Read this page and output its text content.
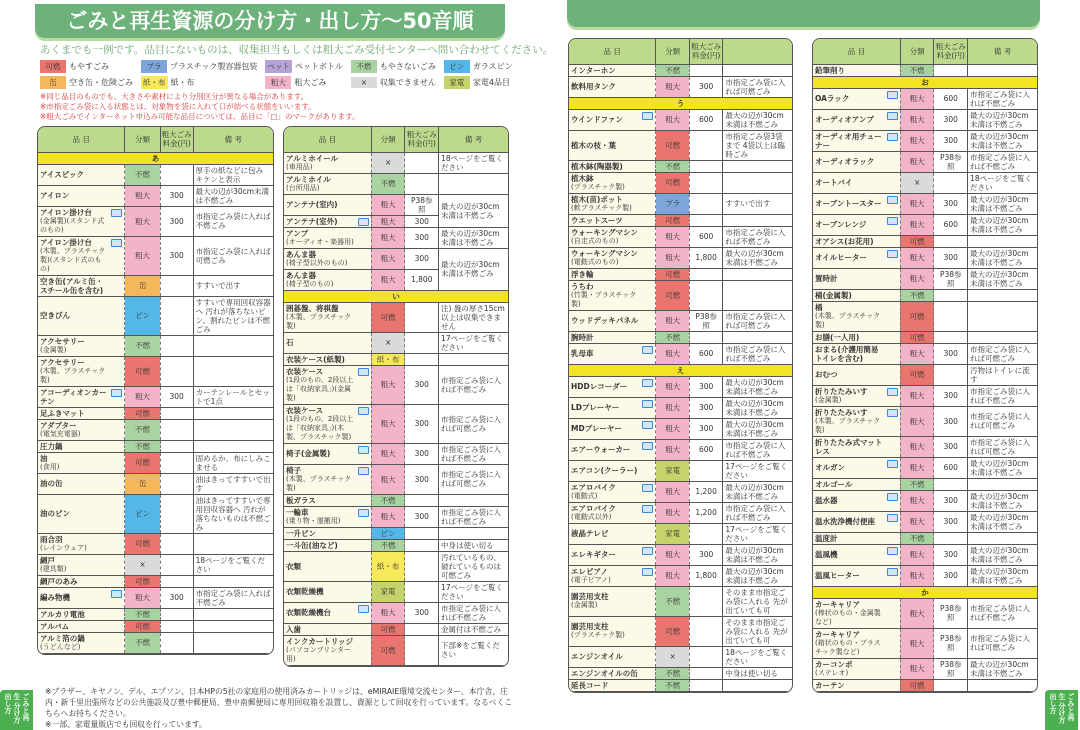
ごみと再生資源の分け方・出し方～50音順
あくまでも一例です。品目にないものは、収集担当もしくは粗大ごみ受付センターへ問い合わせてください。
可燃	もやすごみ	プラ	プラスチック製容器包装 ペット ペットボトル	不燃	もやさないごみ	ピン	ガラスビン
缶	空き缶・危険ごみ 紙・布 紙・布	粗大	粗大ごみ	×	収集できません	家電	家電4品目
※同じ品目のものでも、大きさや素材により分別区分が異なる場合があります。
※市指定ごみ袋に入る状態とは、対象物を袋に入れて口が結べる状態をいいます。
※粗大ごみでインターネット申込み可能な品目については、品目に「□」のマークがあります。
品 目	分類	粗大ごみ料金(円)	備 考
あ			
アイスピック	不燃		厚手の紙などに包み キケンと表示
アイロン	粗大	300	最大の辺が30cm未満は不燃ごみ
アイロン掛け台
(金属製)(スタンド式のもの)	粗大	300	市指定ごみ袋に入れば不燃ごみ
アイロン掛け台
(木製、プラスチック製)(スタンド式のもの)	粗大	300	市指定ごみ袋に入れば可燃ごみ
空き缶(アルミ缶・スチール缶を含む)	缶		すすいで出す
空きびん	ピン		すすいで専用回収容器へ 汚れが落ちないビン、割れたビンは不燃ごみ
アクセサリー
(金属製)	不燃		
アクセサリー
(木製、プラスチック製)	可燃		
アコーディオンカーテン	粗大	300	カーテンレールとセットで1点
足ふきマット	可燃		
アダプター
(電気充電器)	不燃		
圧力鍋	不燃		
油
(食用)	可燃		固めるか、布にしみこませる
油の缶	缶		油はきってすすいで出す
油のビン	ピン		油はきってすすいで専用回収容器へ 汚れが落ちないものは不燃ごみ
雨合羽
(レインウェア)	可燃		
網戸
(建具類)	×		18ページをご覧ください
網戸のあみ	可燃		
編み物機	粗大	300	市指定ごみ袋に入れば不燃ごみ
アルカリ電池	不燃		
アルバム	可燃		
アルミ箔の鍋
(うどんなど)	不燃		
品 目	分類	粗大ごみ料金(円)	備 考
アルミホイール
(車用品)	×		18ページをご覧ください
アルミホイル
(台所用品)	不燃		
アンテナ(室内)	粗大	P38参照	最大の辺が30cm未満は不燃ごみ
アンテナ(室外)	粗大	300	
アンプ
(オーディオ・楽器用)	粗大	300	最大の辺が30cm未満は不燃ごみ
あんま器
(椅子型以外のもの)	粗大	300	最大の辺が30cm未満は不燃ごみ
あんま器
(椅子型のもの)	粗大	1,800	
い			
囲碁盤、将棋盤
(木製、プラスチック製)	可燃		注) 盤の厚さ15cm以上は収集できません
石	×		17ページをご覧ください
衣装ケース(紙製)	紙・布		
衣装ケース
(1段のもの、2段以上は「収納家具」)(金属製)	粗大	300	市指定ごみ袋に入れば不燃ごみ
衣装ケース
(1段のもの、2段以上は「収納家具」)(木製、プラスチック製)	粗大	300	市指定ごみ袋に入れば可燃ごみ
椅子(金属製)	粗大	300	市指定ごみ袋に入れば不燃ごみ
椅子
(木製、プラスチック製)	粗大	300	市指定ごみ袋に入れば可燃ごみ
板ガラス	不燃		
一輪車
(乗り物・運搬用)	粗大	300	市指定ごみ袋に入れば不燃ごみ
一升ビン	ピン		
一斗缶(油など)	不燃		中身は使い切る
衣類	紙・布		汚れているもの、破れているものは可燃ごみ
衣類乾燥機	家電		17ページをご覧ください
衣類乾燥機台	粗大	300	市指定ごみ袋に入れば不燃ごみ
入歯	可燃		金属付は不燃ごみ
インクカートリッジ
(パソコンプリンター用)	可燃		下部※をご覧ください
品 目	分類	粗大ごみ料金(円)	
インターホン	不燃		
飲料用タンク	粗大	300	市指定ごみ袋に入れば可燃ごみ
う			
ウインドファン	粗大	600	最大の辺が30cm未満は不燃ごみ
植木の枝・葉	可燃		市指定ごみ袋3袋まで 4袋以上は臨時ごみ
植木鉢(陶器製)	不燃		
植木鉢
(プラスチック製)	可燃		
植木(苗)ポット
(軟プラスチック製)	プラ		すすいで出す
ウエットスーツ	可燃		
ウォーキングマシン
(自走式のもの)	粗大	600	市指定ごみ袋に入れば不燃ごみ
ウォーキングマシン
(電動式のもの)	粗大	1,800	最大の辺が30cm未満は不燃ごみ
浮き輪	可燃		
うちわ
(竹製・プラスチック製)	可燃		
ウッドデッキパネル	粗大	P38参照	市指定ごみ袋に入れば可燃ごみ
腕時計	不燃		
乳母車	粗大	600	市指定ごみ袋に入れば不燃ごみ
え			
HDDレコーダー	粗大	300	最大の辺が30cm未満は不燃ごみ
LDプレーヤー	粗大	300	最大の辺が30cm未満は不燃ごみ
MDプレーヤー	粗大	300	最大の辺が30cm未満は不燃ごみ
エアーウォーカー	粗大	600	市指定ごみ袋に入れば不燃ごみ
エアコン(クーラー)	家電		17ページをご覧ください
エアロバイク
(電動式)	粗大	1,200	最大の辺が30cm未満は不燃ごみ
エアロバイク
(電動式以外)	粗大	1,200	市指定ごみ袋に入れば不燃ごみ
液晶テレビ	家電		17ページをご覧ください
エレキギター	粗大	300	最大の辺が30cm未満は不燃ごみ
エレピアノ
(電子ピアノ)	粗大	1,800	最大の辺が30cm未満は不燃ごみ
園芸用支柱
(金属製)	不燃		そのまま市指定ごみ袋に入れる 先が出ていても可
園芸用支柱
(プラスチック製)	可燃		そのまま市指定ごみ袋に入れる 先が出ていても可
エンジンオイル	×		18ページをご覧ください
エンジンオイルの缶	不燃		中身は使い切る
延長コード	不燃		
品 目	分類	粗大ごみ料金(円)	備 考
鉛筆削り	不燃		
お			
OAラック	粗大	600	市指定ごみ袋に入れば不燃ごみ
オーディオアンプ	粗大	300	最大の辺が30cm未満は不燃ごみ
オーディオ用チューナー	粗大	300	最大の辺が30cm未満は不燃ごみ
オーディオラック	粗大	P38参照	市指定ごみ袋に入れば不燃ごみ
オートバイ	×		18ページをご覧ください
オーブントースター	粗大	300	最大の辺が30cm未満は不燃ごみ
オーブンレンジ	粗大	600	最大の辺が30cm未満は不燃ごみ
オアシス(お花用)	可燃		
オイルヒーター	粗大	300	最大の辺が30cm未満は不燃ごみ
置時計	粗大	P38参照	最大の辺が30cm未満は不燃ごみ
桶(金属製)	不燃		
桶
(木製、プラスチック製)	可燃		
お膳(一人用)	可燃		
おまる(介護用簡易トイレを含む)	粗大	300	市指定ごみ袋に入れば可燃ごみ
おむつ	可燃		汚物はトイレに流す
折りたたみいす
(金属製)	粗大	300	市指定ごみ袋に入れば不燃ごみ
折りたたみいす
(木製、プラスチック製)	粗大	300	市指定ごみ袋に入れば可燃ごみ
折りたたみ式マットレス	粗大	300	市指定ごみ袋に入れば可燃ごみ
オルガン	粗大	600	最大の辺が30cm未満は不燃ごみ
オルゴール	不燃		
温水器	粗大	300	最大の辺が30cm未満は不燃ごみ
温水洗浄機付便座	粗大	300	最大の辺が30cm未満は不燃ごみ
温度計	不燃		
温風機	粗大	300	最大の辺が30cm未満は不燃ごみ
温風ヒーター	粗大	300	最大の辺が30cm未満は不燃ごみ
か			
カーキャリア
(棒状のもの・金属製など)	粗大	P38参照	市指定ごみ袋に入れば不燃ごみ
カーキャリア
(箱状のもの・プラスチック製など)	粗大	P38参照	市指定ごみ袋に入れば可燃ごみ
カーコンポ
(ステレオ)	粗大	P38参照	最大の辺が30cm未満は不燃ごみ
カーテン	可燃		
※ブラザー、キヤノン、デル、エプソン、日本HPの5社の家庭用の使用済みカートリッジは、eMIRAIE環境交流センター、本庁舎、庄内・新千里出張所などの公共施設及び豊中郵便局、豊中南郵便局に専用回収箱を設置し、資源として回収を行っています。なるべくこちらへお持ちください。
※一部、家電量販店でも回収を行っています。
ごみと再生 分け方出し方	ごみと再生 分け方出し方
